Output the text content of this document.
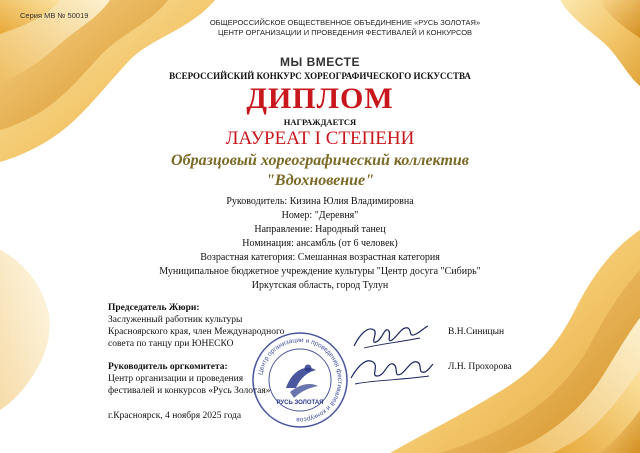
Серия МВ № 50019
ОБЩЕРОССИЙСКОЕ ОБЩЕСТВЕННОЕ ОБЪЕДИНЕНИЕ «РУСЬ ЗОЛОТАЯ»
ЦЕНТР ОРГАНИЗАЦИИ И ПРОВЕДЕНИЯ ФЕСТИВАЛЕЙ И КОНКУРСОВ
МЫ ВМЕСТЕ
ВСЕРОССИЙСКИЙ КОНКУРС ХОРЕОГРАФИЧЕСКОГО ИСКУССТВА
ДИПЛОМ
НАГРАЖДАЕТСЯ
ЛАУРЕАТ I СТЕПЕНИ
Образцовый хореографический коллектив
"Вдохновение"
Руководитель: Кизина Юлия Владимировна
Номер: "Деревня"
Направление: Народный танец
Номинация: ансамбль (от 6 человек)
Возрастная категория: Смешанная возрастная категория
Муниципальное бюджетное учреждение культуры "Центр досуга "Сибирь"
Иркутская область, город Тулун
Председатель Жюри:
Заслуженный работник культуры
Красноярского края, член Международного
совета по танцу при ЮНЕСКО
В.Н.Синицын
Руководитель оргкомитета:
Центр организации и проведения
фестивалей и конкурсов «Русь Золотая»
Л.Н. Прохорова
г.Красноярск, 4 ноября 2025 года
Центр организации и проведения фестивалей и конкурсов
РУСЬ ЗОЛОТАЯ
